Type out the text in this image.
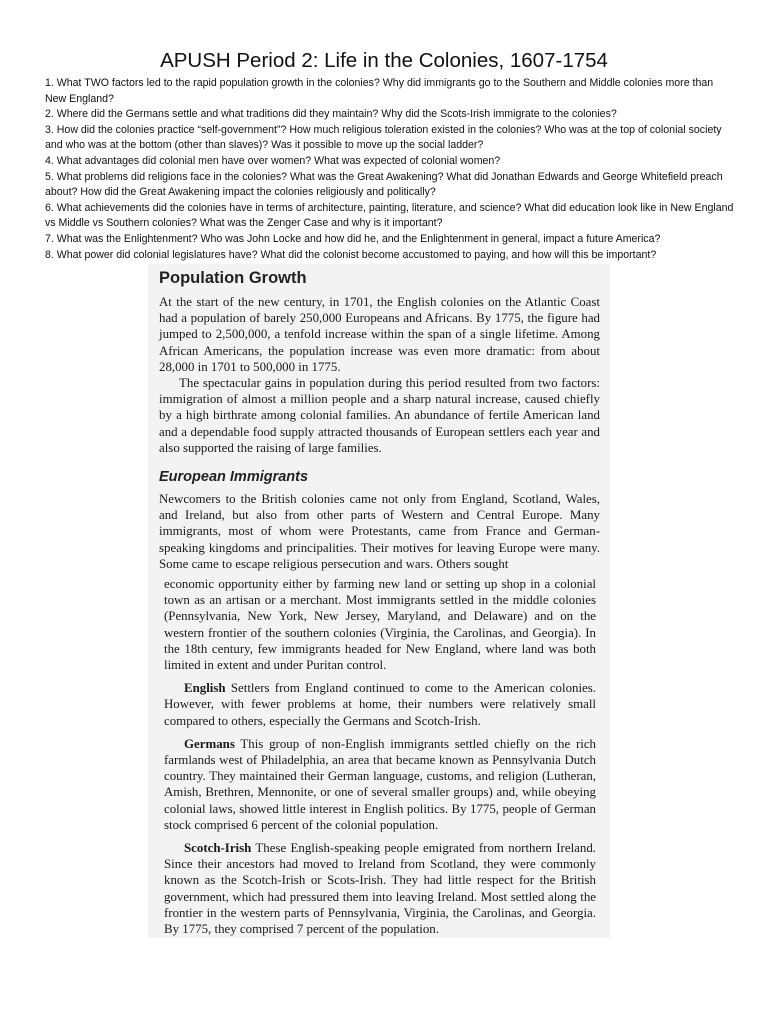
APUSH Period 2: Life in the Colonies, 1607-1754
1. What TWO factors led to the rapid population growth in the colonies? Why did immigrants go to the Southern and Middle colonies more than New England?
2. Where did the Germans settle and what traditions did they maintain? Why did the Scots-Irish immigrate to the colonies?
3. How did the colonies practice “self-government”? How much religious toleration existed in the colonies? Who was at the top of colonial society and who was at the bottom (other than slaves)? Was it possible to move up the social ladder?
4. What advantages did colonial men have over women? What was expected of colonial women?
5. What problems did religions face in the colonies? What was the Great Awakening? What did Jonathan Edwards and George Whitefield preach about? How did the Great Awakening impact the colonies religiously and politically?
6. What achievements did the colonies have in terms of architecture, painting, literature, and science? What did education look like in New England vs Middle vs Southern colonies? What was the Zenger Case and why is it important?
7. What was the Enlightenment? Who was John Locke and how did he, and the Enlightenment in general, impact a future America?
8. What power did colonial legislatures have? What did the colonist become accustomed to paying, and how will this be important?
Population Growth

At the start of the new century, in 1701, the English colonies on the Atlantic Coast had a population of barely 250,000 Europeans and Africans. By 1775, the figure had jumped to 2,500,000, a tenfold increase within the span of a single lifetime. Among African Americans, the population increase was even more dramatic: from about 28,000 in 1701 to 500,000 in 1775.

The spectacular gains in population during this period resulted from two factors: immigration of almost a million people and a sharp natural increase, caused chiefly by a high birthrate among colonial families. An abundance of fertile American land and a dependable food supply attracted thousands of European settlers each year and also supported the raising of large families.

European Immigrants

Newcomers to the British colonies came not only from England, Scotland, Wales, and Ireland, but also from other parts of Western and Central Europe. Many immigrants, most of whom were Protestants, came from France and German-speaking kingdoms and principalities. Their motives for leaving Europe were many. Some came to escape religious persecution and wars. Others sought

economic opportunity either by farming new land or setting up shop in a colonial town as an artisan or a merchant. Most immigrants settled in the middle colonies (Pennsylvania, New York, New Jersey, Maryland, and Delaware) and on the western frontier of the southern colonies (Virginia, the Carolinas, and Georgia). In the 18th century, few immigrants headed for New England, where land was both limited in extent and under Puritan control.

English Settlers from England continued to come to the American colonies. However, with fewer problems at home, their numbers were relatively small compared to others, especially the Germans and Scotch-Irish.

Germans This group of non-English immigrants settled chiefly on the rich farmlands west of Philadelphia, an area that became known as Pennsylvania Dutch country. They maintained their German language, customs, and religion (Lutheran, Amish, Brethren, Mennonite, or one of several smaller groups) and, while obeying colonial laws, showed little interest in English politics. By 1775, people of German stock comprised 6 percent of the colonial population.

Scotch-Irish These English-speaking people emigrated from northern Ireland. Since their ancestors had moved to Ireland from Scotland, they were commonly known as the Scotch-Irish or Scots-Irish. They had little respect for the British government, which had pressured them into leaving Ireland. Most settled along the frontier in the western parts of Pennsylvania, Virginia, the Carolinas, and Georgia. By 1775, they comprised 7 percent of the population.
